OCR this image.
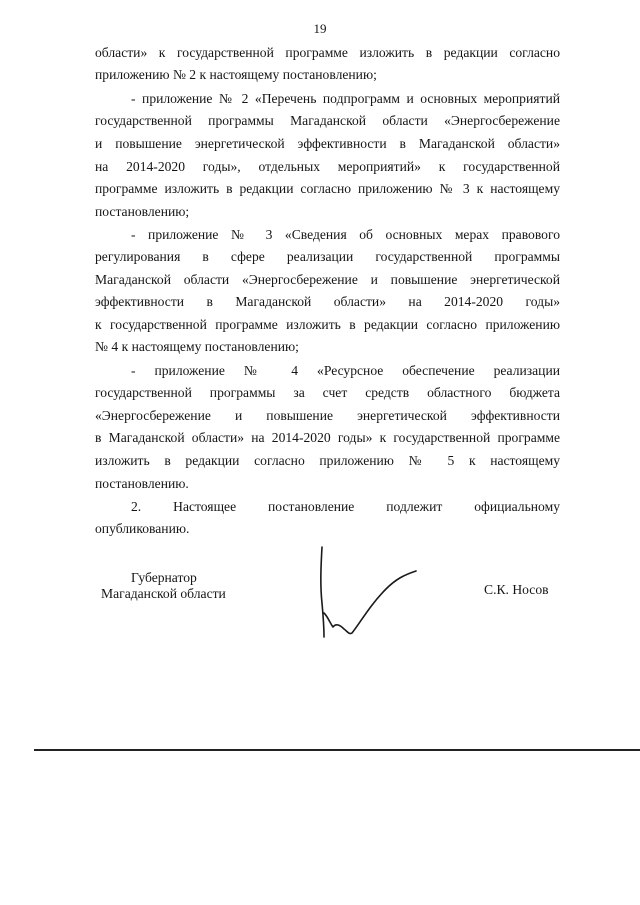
19
области» к государственной программе изложить в редакции согласно
приложению № 2 к настоящему постановлению;
- приложение № 2 «Перечень подпрограмм и основных мероприятий
государственной программы Магаданской области «Энергосбережение
и повышение энергетической эффективности в Магаданской области»
на 2014-2020 годы», отдельных мероприятий» к государственной
программе изложить в редакции согласно приложению № 3 к настоящему
постановлению;
- приложение № 3 «Сведения об основных мерах правового
регулирования в сфере реализации государственной программы
Магаданской области «Энергосбережение и повышение энергетической
эффективности в Магаданской области» на 2014-2020 годы»
к государственной программе изложить в редакции согласно приложению
№ 4 к настоящему постановлению;
- приложение № 4 «Ресурсное обеспечение реализации
государственной программы за счет средств областного бюджета
«Энергосбережение и повышение энергетической эффективности
в Магаданской области» на 2014-2020 годы» к государственной программе
изложить в редакции согласно приложению № 5 к настоящему
постановлению.
2. Настоящее постановление подлежит официальному
опубликованию.
Губернатор
Магаданской области	С.К. Носов
